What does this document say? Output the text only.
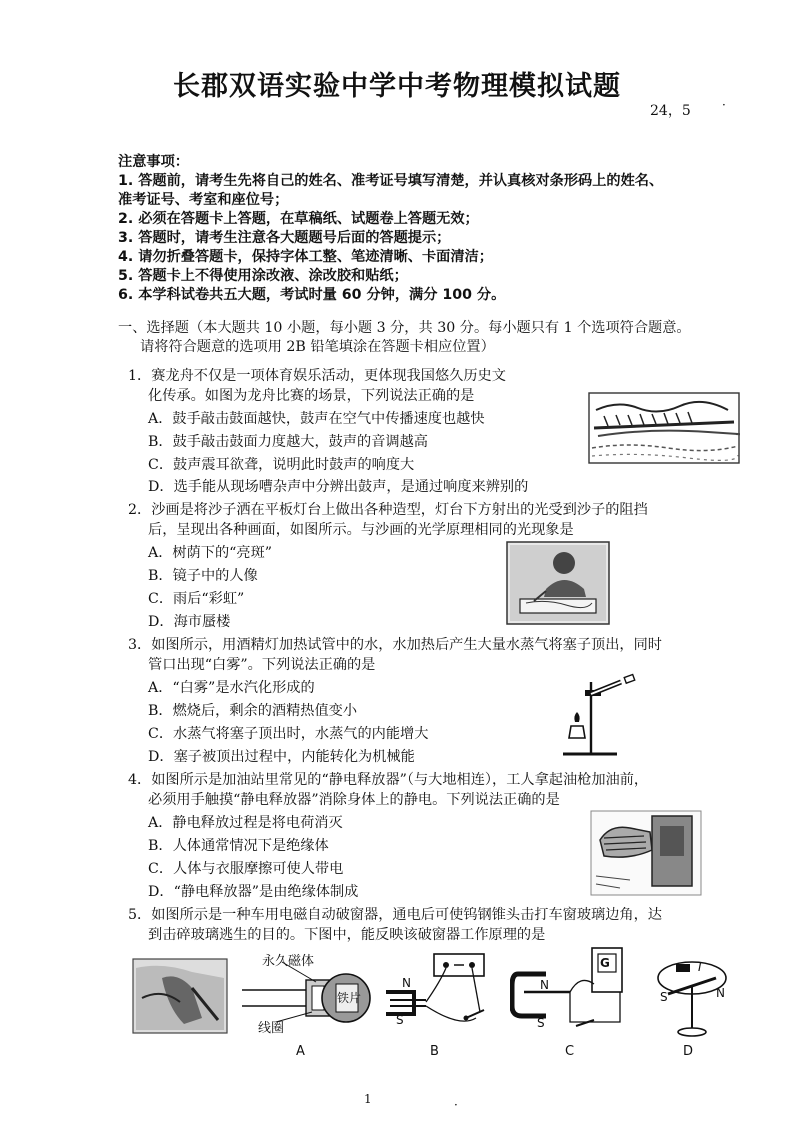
长郡双语实验中学中考物理模拟试题
24，5	·
注意事项：
1. 答题前，请考生先将自己的姓名、准考证号填写清楚，并认真核对条形码上的姓名、
准考证号、考室和座位号；
2. 必须在答题卡上答题，在草稿纸、试题卷上答题无效；
3. 答题时，请考生注意各大题题号后面的答题提示；
4. 请勿折叠答题卡，保持字体工整、笔迹清晰、卡面清洁；
5. 答题卡上不得使用涂改液、涂改胶和贴纸；
6. 本学科试卷共五大题，考试时量 60 分钟，满分 100 分。
一、选择题（本大题共 10 小题，每小题 3 分，共 30 分。每小题只有 1 个选项符合题意。
请将符合题意的选项用 2B 铅笔填涂在答题卡相应位置）
1．赛龙舟不仅是一项体育娱乐活动，更体现我国悠久历史文
化传承。如图为龙舟比赛的场景，下列说法正确的是
A．鼓手敲击鼓面越快，鼓声在空气中传播速度也越快
B．鼓手敲击鼓面力度越大，鼓声的音调越高
C．鼓声震耳欲聋，说明此时鼓声的响度大
D．选手能从现场嘈杂声中分辨出鼓声，是通过响度来辨别的
2．沙画是将沙子洒在平板灯台上做出各种造型，灯台下方射出的光受到沙子的阻挡
后，呈现出各种画面，如图所示。与沙画的光学原理相同的光现象是
A．树荫下的“亮斑”
B．镜子中的人像
C．雨后“彩虹”
D．海市蜃楼
3．如图所示，用酒精灯加热试管中的水，水加热后产生大量水蒸气将塞子顶出，同时
管口出现“白雾”。下列说法正确的是
A．“白雾”是水汽化形成的
B．燃烧后，剩余的酒精热值变小
C．水蒸气将塞子顶出时，水蒸气的内能增大
D．塞子被顶出过程中，内能转化为机械能
4．如图所示是加油站里常见的“静电释放器”（与大地相连），工人拿起油枪加油前，
必须用手触摸“静电释放器”消除身体上的静电。下列说法正确的是
A．静电释放过程是将电荷消灭
B．人体通常情况下是绝缘体
C．人体与衣服摩擦可使人带电
D．“静电释放器”是由绝缘体制成
5．如图所示是一种车用电磁自动破窗器，通电后可使钨钢锥头击打车窗玻璃边角，达
到击碎玻璃逃生的目的。下图中，能反映该破窗器工作原理的是
永久磁体
线圈
铁片
N
S
N
S
G	I
S	N
A	B	C	D
1	·
